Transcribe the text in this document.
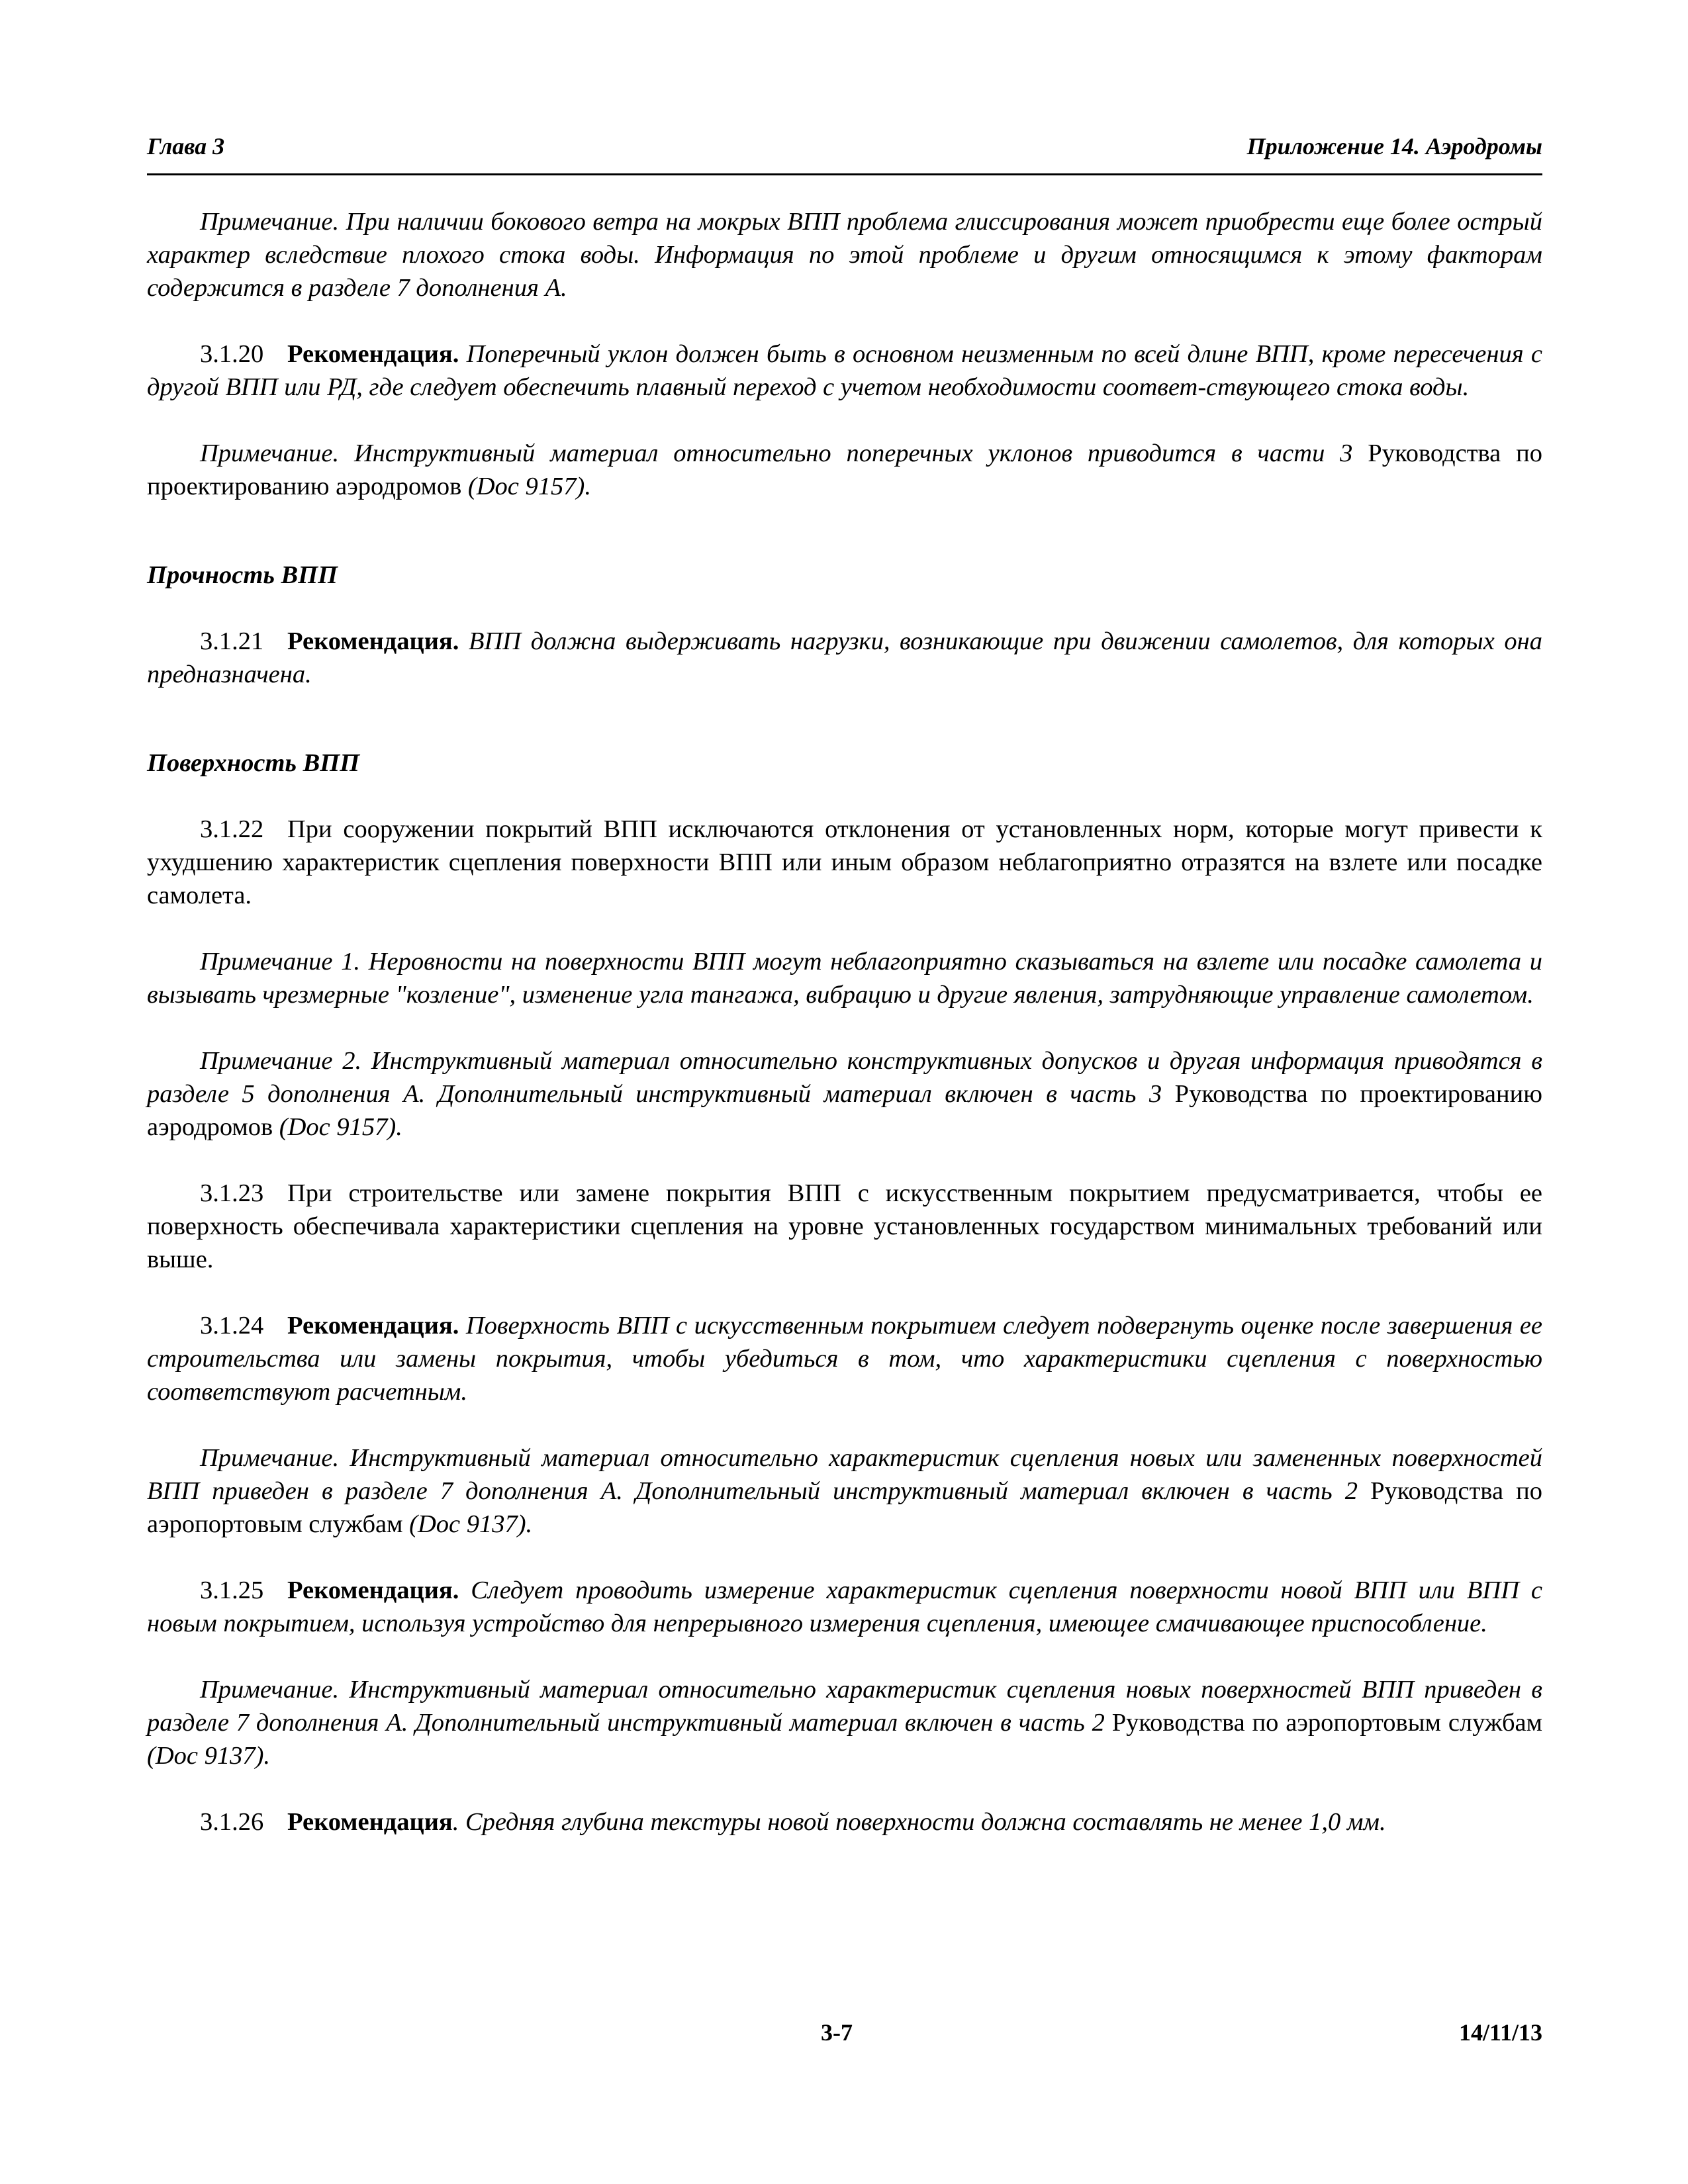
Глава 3	Приложение 14. Аэродромы

Примечание. При наличии бокового ветра на мокрых ВПП проблема глиссирования может приобрести еще более острый характер вследствие плохого стока воды. Информация по этой проблеме и другим относящимся к этому факторам содержится в разделе 7 дополнения А.

3.1.20 Рекомендация. Поперечный уклон должен быть в основном неизменным по всей длине ВПП, кроме пересечения с другой ВПП или РД, где следует обеспечить плавный переход с учетом необходимости соответ-ствующего стока воды.

Примечание. Инструктивный материал относительно поперечных уклонов приводится в части 3 Руководства по проектированию аэродромов (Doc 9157).

Прочность ВПП

3.1.21 Рекомендация. ВПП должна выдерживать нагрузки, возникающие при движении самолетов, для которых она предназначена.

Поверхность ВПП

3.1.22 При сооружении покрытий ВПП исключаются отклонения от установленных норм, которые могут привести к ухудшению характеристик сцепления поверхности ВПП или иным образом неблагоприятно отразятся на взлете или посадке самолета.

Примечание 1. Неровности на поверхности ВПП могут неблагоприятно сказываться на взлете или посадке самолета и вызывать чрезмерные "козление", изменение угла тангажа, вибрацию и другие явления, затрудняющие управление самолетом.

Примечание 2. Инструктивный материал относительно конструктивных допусков и другая информация приводятся в разделе 5 дополнения А. Дополнительный инструктивный материал включен в часть 3 Руководства по проектированию аэродромов (Doc 9157).

3.1.23 При строительстве или замене покрытия ВПП с искусственным покрытием предусматривается, чтобы ее поверхность обеспечивала характеристики сцепления на уровне установленных государством минимальных требований или выше.

3.1.24 Рекомендация. Поверхность ВПП с искусственным покрытием следует подвергнуть оценке после завершения ее строительства или замены покрытия, чтобы убедиться в том, что характеристики сцепления с поверхностью соответствуют расчетным.

Примечание. Инструктивный материал относительно характеристик сцепления новых или замененных поверхностей ВПП приведен в разделе 7 дополнения А. Дополнительный инструктивный материал включен в часть 2 Руководства по аэропортовым службам (Doc 9137).

3.1.25 Рекомендация. Следует проводить измерение характеристик сцепления поверхности новой ВПП или ВПП с новым покрытием, используя устройство для непрерывного измерения сцепления, имеющее смачивающее приспособление.

Примечание. Инструктивный материал относительно характеристик сцепления новых поверхностей ВПП приведен в разделе 7 дополнения А. Дополнительный инструктивный материал включен в часть 2 Руководства по аэропортовым службам (Doc 9137).

3.1.26 Рекомендация. Средняя глубина текстуры новой поверхности должна составлять не менее 1,0 мм.

3-7	14/11/13
